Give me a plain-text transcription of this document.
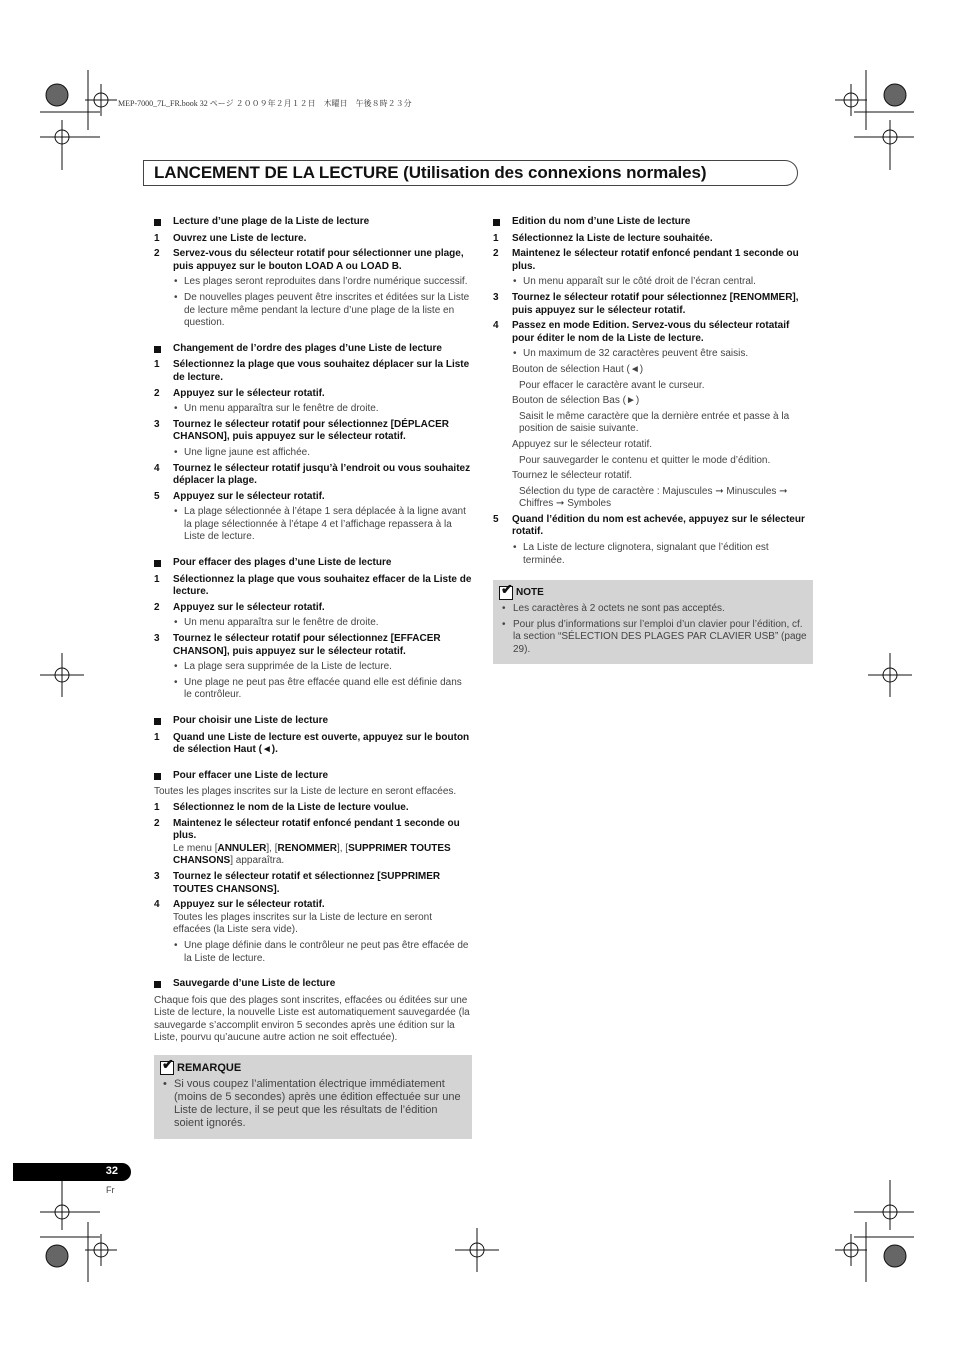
MEP-7000_7L_FR.book 32 ページ ２００９年２月１２日　木曜日　午後８時２３分
LANCEMENT DE LA LECTURE (Utilisation des connexions normales)
Lecture d’une plage de la Liste de lecture
1 Ouvrez une Liste de lecture.
2 Servez-vous du sélecteur rotatif pour sélectionner une plage, puis appuyez sur le bouton LOAD A ou LOAD B.
• Les plages seront reproduites dans l’ordre numérique successif.
• De nouvelles plages peuvent être inscrites et éditées sur la Liste de lecture même pendant la lecture d’une plage de la liste en question.
Changement de l’ordre des plages d’une Liste de lecture
1 Sélectionnez la plage que vous souhaitez déplacer sur la Liste de lecture.
2 Appuyez sur le sélecteur rotatif.
• Un menu apparaîtra sur le fenêtre de droite.
3 Tournez le sélecteur rotatif pour sélectionnez [DÉPLACER CHANSON], puis appuyez sur le sélecteur rotatif.
• Une ligne jaune est affichée.
4 Tournez le sélecteur rotatif jusqu’à l’endroit ou vous souhaitez déplacer la plage.
5 Appuyez sur le sélecteur rotatif.
• La plage sélectionnée à l’étape 1 sera déplacée à la ligne avant la plage sélectionnée à l’étape 4 et l’affichage repassera à la Liste de lecture.
Pour effacer des plages d’une Liste de lecture
1 Sélectionnez la plage que vous souhaitez effacer de la Liste de lecture.
2 Appuyez sur le sélecteur rotatif.
• Un menu apparaîtra sur le fenêtre de droite.
3 Tournez le sélecteur rotatif pour sélectionnez [EFFACER CHANSON], puis appuyez sur le sélecteur rotatif.
• La plage sera supprimée de la Liste de lecture.
• Une plage ne peut pas être effacée quand elle est définie dans le contrôleur.
Pour choisir une Liste de lecture
1 Quand une Liste de lecture est ouverte, appuyez sur le bouton de sélection Haut (◄).
Pour effacer une Liste de lecture
Toutes les plages inscrites sur la Liste de lecture en seront effacées.
1 Sélectionnez le nom de la Liste de lecture voulue.
2 Maintenez le sélecteur rotatif enfoncé pendant 1 seconde ou plus.
Le menu [ANNULER], [RENOMMER], [SUPPRIMER TOUTES CHANSONS] apparaîtra.
3 Tournez le sélecteur rotatif et sélectionnez [SUPPRIMER TOUTES CHANSONS].
4 Appuyez sur le sélecteur rotatif.
Toutes les plages inscrites sur la Liste de lecture en seront effacées (la Liste sera vide).
• Une plage définie dans le contrôleur ne peut pas être effacée de la Liste de lecture.
Sauvegarde d’une Liste de lecture
Chaque fois que des plages sont inscrites, effacées ou éditées sur une Liste de lecture, la nouvelle Liste est automatiquement sauvegardée (la sauvegarde s’accomplit environ 5 secondes après une édition sur la Liste, pourvu qu’aucune autre action ne soit effectuée).
✔
REMARQUE
• Si vous coupez l’alimentation électrique immédiatement (moins de 5 secondes) après une édition effectuée sur une Liste de lecture, il se peut que les résultats de l’édition soient ignorés.
Edition du nom d’une Liste de lecture
1 Sélectionnez la Liste de lecture souhaitée.
2 Maintenez le sélecteur rotatif enfoncé pendant 1 seconde ou plus.
• Un menu apparaît sur le côté droit de l’écran central.
3 Tournez le sélecteur rotatif pour sélectionnez [RENOMMER], puis appuyez sur le sélecteur rotatif.
4 Passez en mode Edition. Servez-vous du sélecteur rotataif pour éditer le nom de la Liste de lecture.
• Un maximum de 32 caractères peuvent être saisis.
Bouton de sélection Haut (◄)
Pour effacer le caractère avant le curseur.
Bouton de sélection Bas (►)
Saisit le même caractère que la dernière entrée et passe à la position de saisie suivante.
Appuyez sur le sélecteur rotatif.
Pour sauvegarder le contenu et quitter le mode d’édition.
Tournez le sélecteur rotatif.
Sélection du type de caractère : Majuscules ➞ Minuscules ➞ Chiffres ➞ Symboles
5 Quand l’édition du nom est achevée, appuyez sur le sélecteur rotatif.
• La Liste de lecture clignotera, signalant que l’édition est terminée.
✔
NOTE
• Les caractères à 2 octets ne sont pas acceptés.
• Pour plus d’informations sur l’emploi d’un clavier pour l’édition, cf. la section “SÉLECTION DES PLAGES PAR CLAVIER USB” (page 29).
32
Fr
